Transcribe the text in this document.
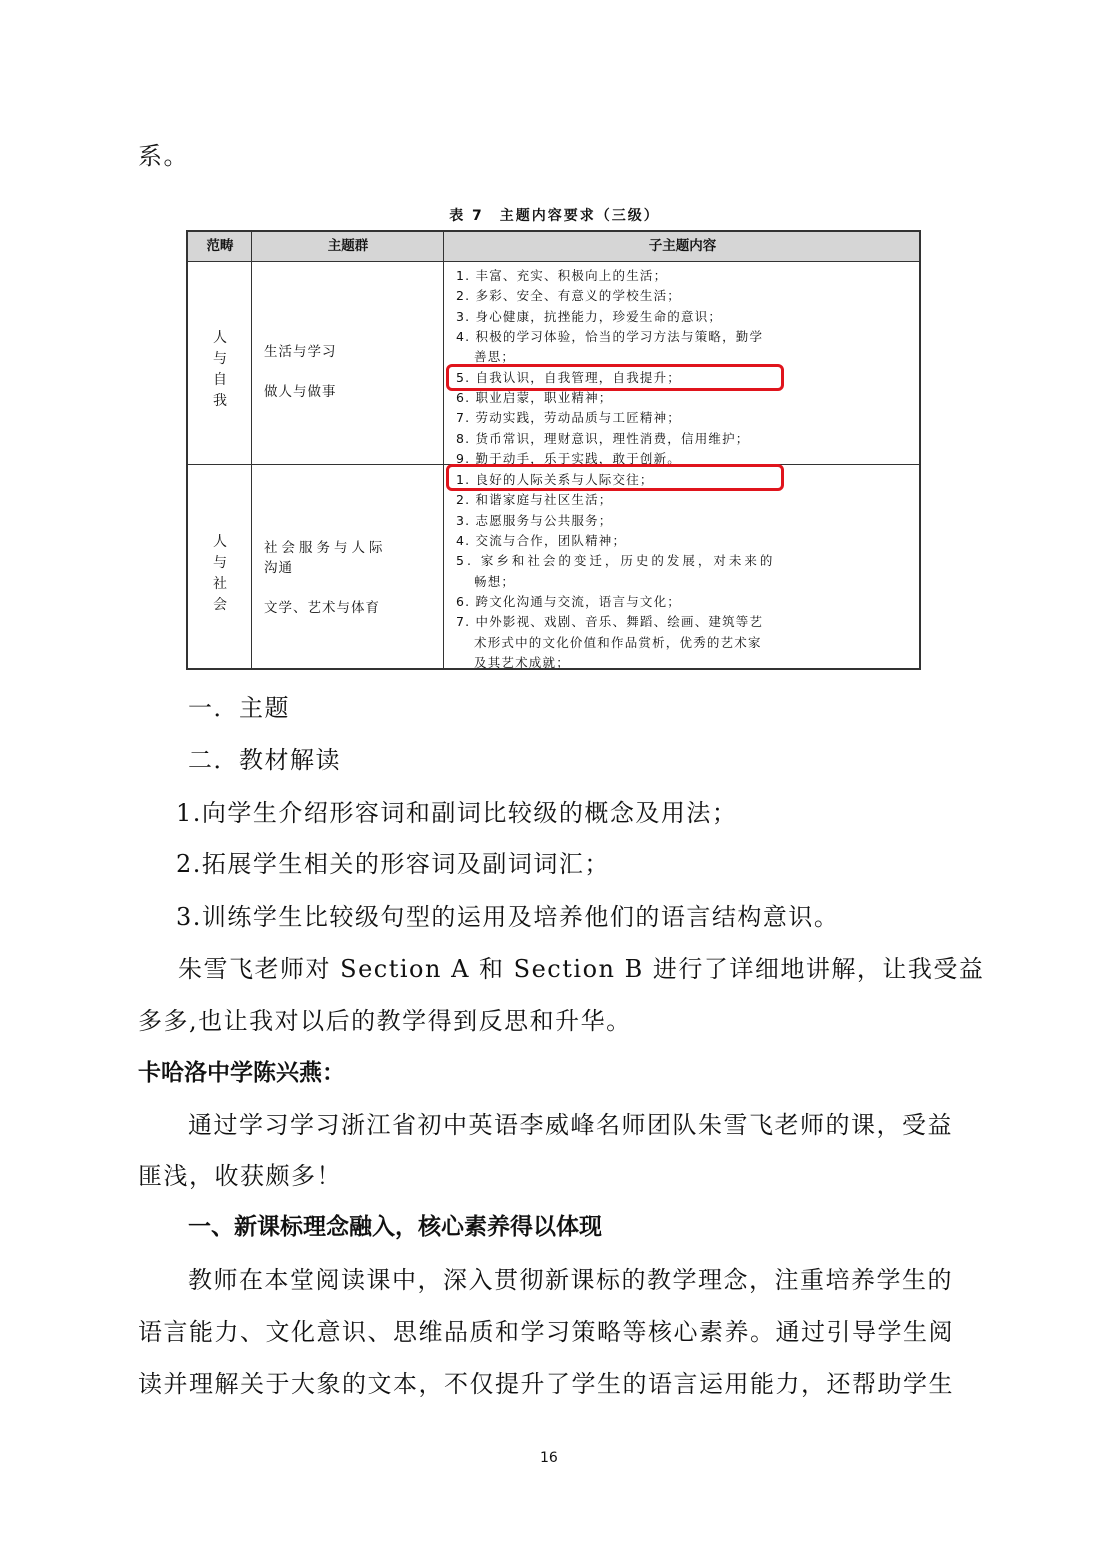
系。
表 7　主题内容要求（三级）
范畴	主题群	子主题内容
人
与
自
我
生活与学习
做人与做事
1. 丰富、充实、积极向上的生活；
2. 多彩、安全、有意义的学校生活；
3. 身心健康，抗挫能力，珍爱生命的意识；
4. 积极的学习体验，恰当的学习方法与策略，勤学
善思；
5. 自我认识，自我管理，自我提升；
6. 职业启蒙，职业精神；
7. 劳动实践，劳动品质与工匠精神；
8. 货币常识，理财意识，理性消费，信用维护；
9. 勤于动手，乐于实践，敢于创新。
人
与
社
会
社会服务与人际
沟通
文学、艺术与体育
1. 良好的人际关系与人际交往；
2. 和谐家庭与社区生活；
3. 志愿服务与公共服务；
4. 交流与合作，团队精神；
5. 家乡和社会的变迁，历史的发展，对未来的
畅想；
6. 跨文化沟通与交流，语言与文化；
7. 中外影视、戏剧、音乐、舞蹈、绘画、建筑等艺
术形式中的文化价值和作品赏析，优秀的艺术家
及其艺术成就；
一．主题
二．教材解读
1.向学生介绍形容词和副词比较级的概念及用法；
2.拓展学生相关的形容词及副词词汇；
3.训练学生比较级句型的运用及培养他们的语言结构意识。
朱雪飞老师对 Section A 和 Section B 进行了详细地讲解，让我受益
多多,也让我对以后的教学得到反思和升华。
卡哈洛中学陈兴燕：
通过学习学习浙江省初中英语李威峰名师团队朱雪飞老师的课，受益
匪浅，收获颇多！
一、新课标理念融入，核心素养得以体现
教师在本堂阅读课中，深入贯彻新课标的教学理念，注重培养学生的
语言能力、文化意识、思维品质和学习策略等核心素养。通过引导学生阅
读并理解关于大象的文本，不仅提升了学生的语言运用能力，还帮助学生
16
